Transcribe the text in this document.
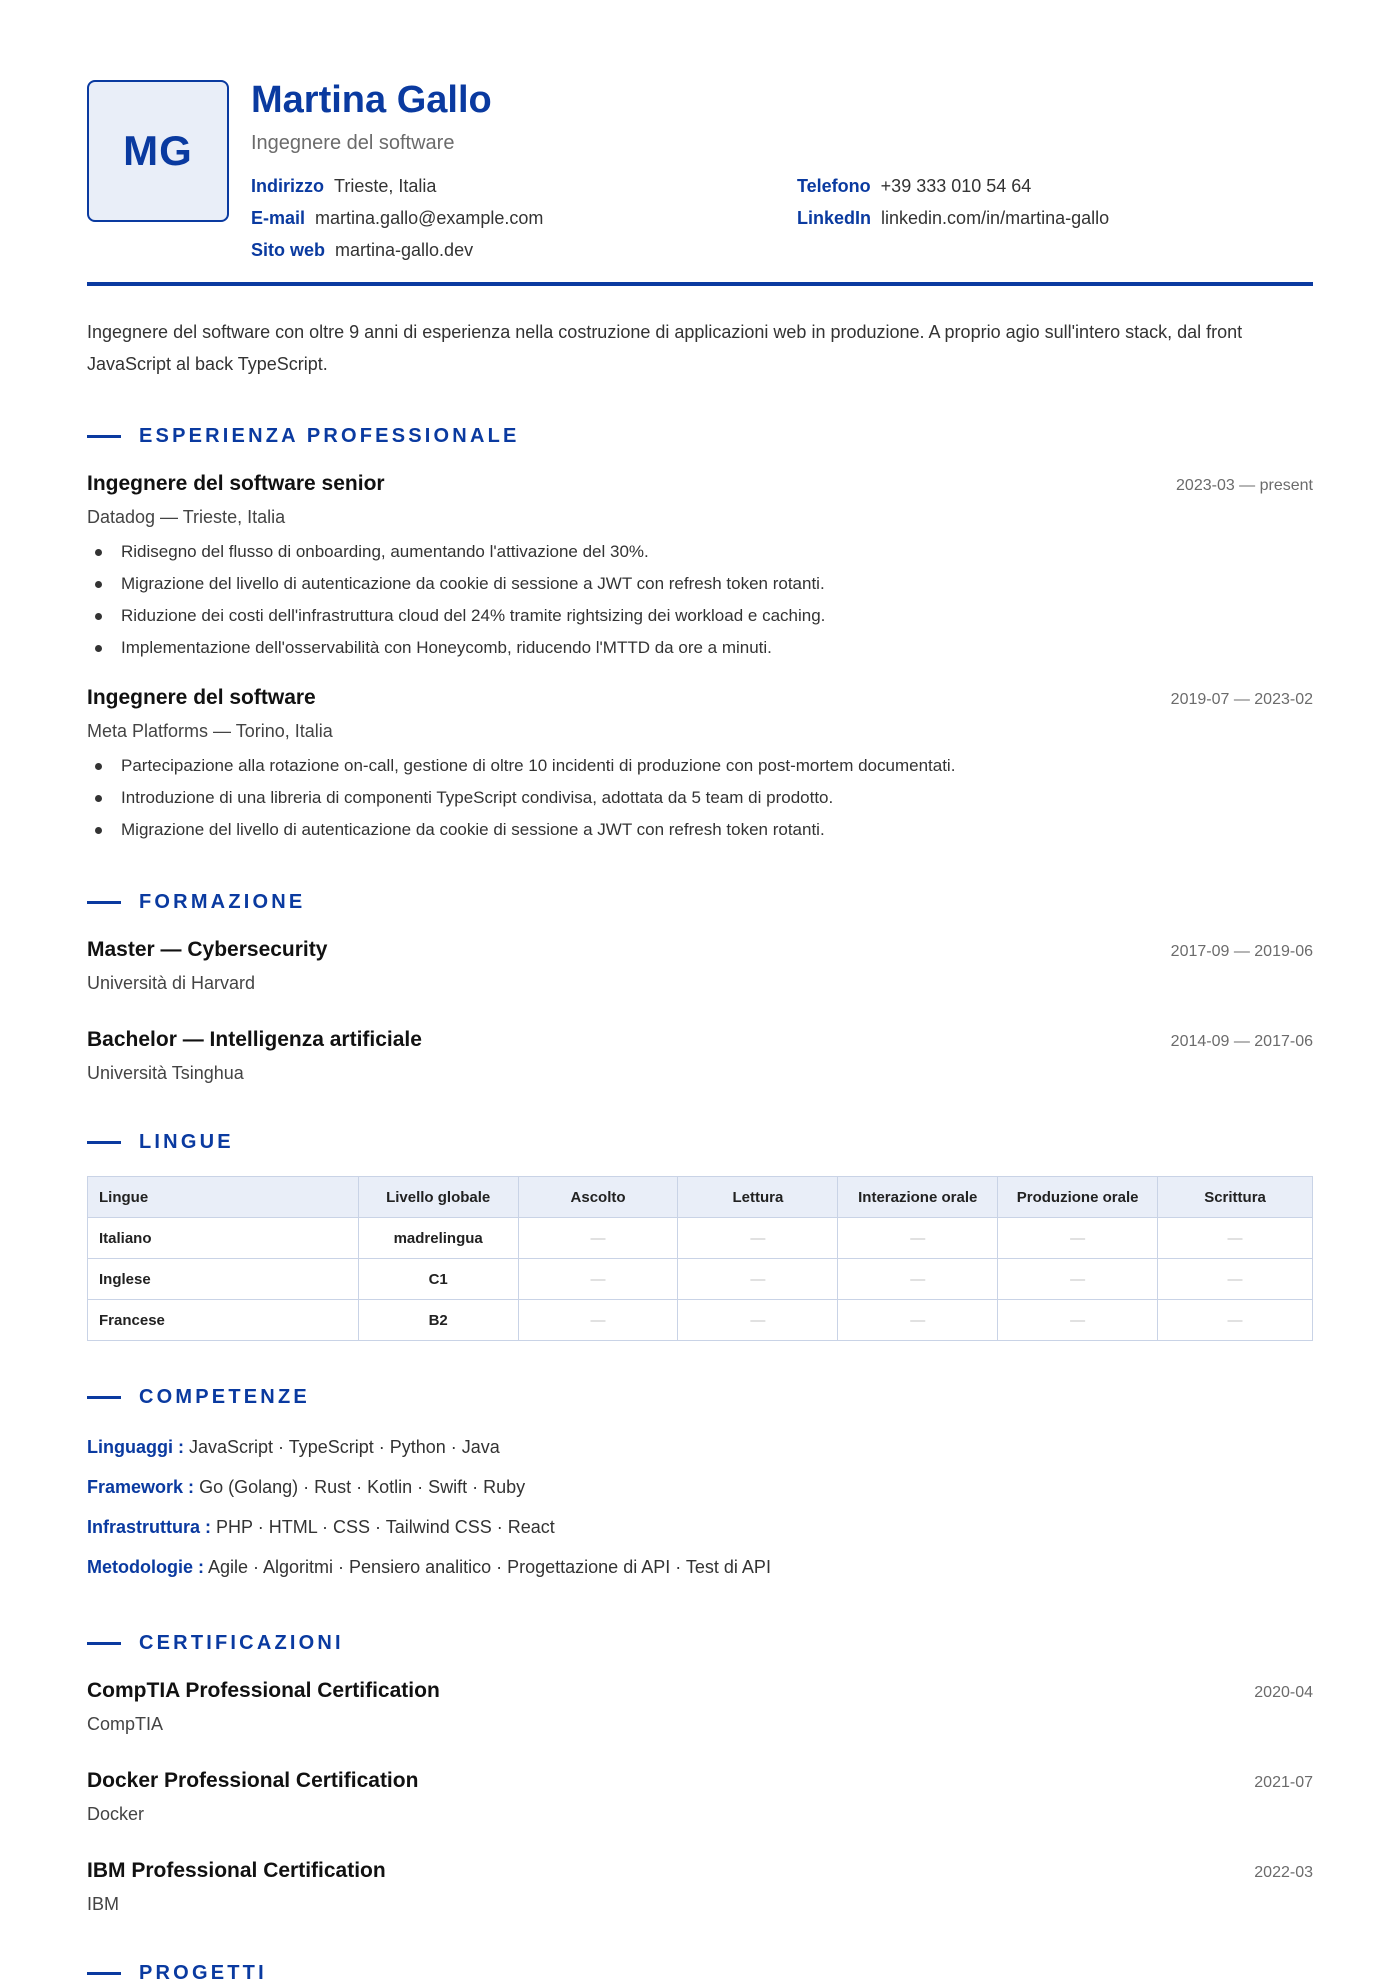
MG
Martina Gallo
Ingegnere del software
Indirizzo Trieste, Italia	Telefono +39 333 010 54 64
E-mail martina.gallo@example.com	LinkedIn linkedin.com/in/martina-gallo
Sito web martina-gallo.dev

Ingegnere del software con oltre 9 anni di esperienza nella costruzione di applicazioni web in produzione. A proprio agio sull'intero stack, dal front JavaScript al back TypeScript.

ESPERIENZA PROFESSIONALE
Ingegnere del software senior	2023-03 — present
Datadog — Trieste, Italia
Ridisegno del flusso di onboarding, aumentando l'attivazione del 30%.
Migrazione del livello di autenticazione da cookie di sessione a JWT con refresh token rotanti.
Riduzione dei costi dell'infrastruttura cloud del 24% tramite rightsizing dei workload e caching.
Implementazione dell'osservabilità con Honeycomb, riducendo l'MTTD da ore a minuti.
Ingegnere del software	2019-07 — 2023-02
Meta Platforms — Torino, Italia
Partecipazione alla rotazione on-call, gestione di oltre 10 incidenti di produzione con post-mortem documentati.
Introduzione di una libreria di componenti TypeScript condivisa, adottata da 5 team di prodotto.
Migrazione del livello di autenticazione da cookie di sessione a JWT con refresh token rotanti.
FORMAZIONE
Master — Cybersecurity	2017-09 — 2019-06
Università di Harvard
Bachelor — Intelligenza artificiale	2014-09 — 2017-06
Università Tsinghua
LINGUE
Lingue	Livello globale	Ascolto	Lettura	Interazione orale	Produzione orale	Scrittura
Italiano	madrelingua	—	—	—	—	—
Inglese	C1	—	—	—	—	—
Francese	B2	—	—	—	—	—
COMPETENZE
Linguaggi : JavaScript · TypeScript · Python · Java
Framework : Go (Golang) · Rust · Kotlin · Swift · Ruby
Infrastruttura : PHP · HTML · CSS · Tailwind CSS · React
Metodologie : Agile · Algoritmi · Pensiero analitico · Progettazione di API · Test di API
CERTIFICAZIONI
CompTIA Professional Certification	2020-04
CompTIA
Docker Professional Certification	2021-07
Docker
IBM Professional Certification	2022-03
IBM
PROGETTI
